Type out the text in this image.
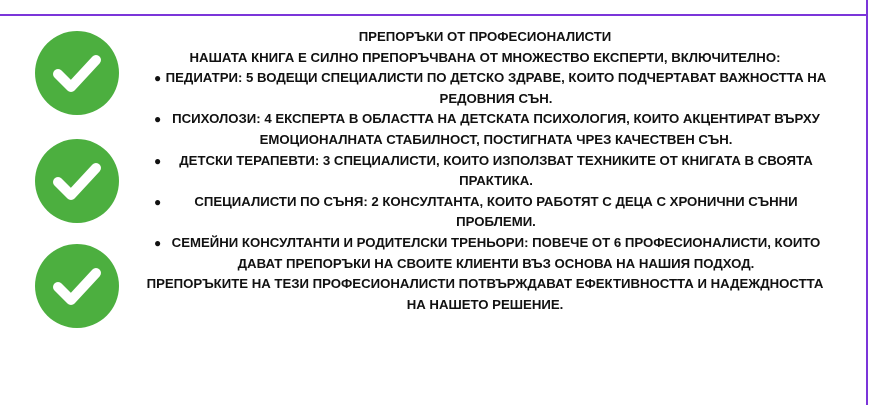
ПРЕПОРЪКИ ОТ ПРОФЕСИОНАЛИСТИ

НАШАТА КНИГА Е СИЛНО ПРЕПОРЪЧВАНА ОТ МНОЖЕСТВО ЕКСПЕРТИ, ВКЛЮЧИТЕЛНО:

● ПЕДИАТРИ: 5 ВОДЕЩИ СПЕЦИАЛИСТИ ПО ДЕТСКО ЗДРАВЕ, КОИТО ПОДЧЕРТАВАТ ВАЖНОСТТА НА РЕДОВНИЯ СЪН.
● ПСИХОЛОЗИ: 4 ЕКСПЕРТА В ОБЛАСТТА НА ДЕТСКАТА ПСИХОЛОГИЯ, КОИТО АКЦЕНТИРАТ ВЪРХУ ЕМОЦИОНАЛНАТА СТАБИЛНОСТ, ПОСТИГНАТА ЧРЕЗ КАЧЕСТВЕН СЪН.
● ДЕТСКИ ТЕРАПЕВТИ: 3 СПЕЦИАЛИСТИ, КОИТО ИЗПОЛЗВАТ ТЕХНИКИТЕ ОТ КНИГАТА В СВОЯТА ПРАКТИКА.
●	СПЕЦИАЛИСТИ ПО СЪНЯ: 2 КОНСУЛТАНТА, КОИТО РАБОТЯТ С ДЕЦА С ХРОНИЧНИ СЪННИ ПРОБЛЕМИ.
● СЕМЕЙНИ КОНСУЛТАНТИ И РОДИТЕЛСКИ ТРЕНЬОРИ: ПОВЕЧЕ ОТ 6 ПРОФЕСИОНАЛИСТИ, КОИТО ДАВАТ ПРЕПОРЪКИ НА СВОИТЕ КЛИЕНТИ ВЪЗ ОСНОВА НА НАШИЯ ПОДХОД.

ПРЕПОРЪКИТЕ НА ТЕЗИ ПРОФЕСИОНАЛИСТИ ПОТВЪРЖДАВАТ ЕФЕКТИВНОСТТА И НАДЕЖДНОСТТА НА НАШЕТО РЕШЕНИЕ.
